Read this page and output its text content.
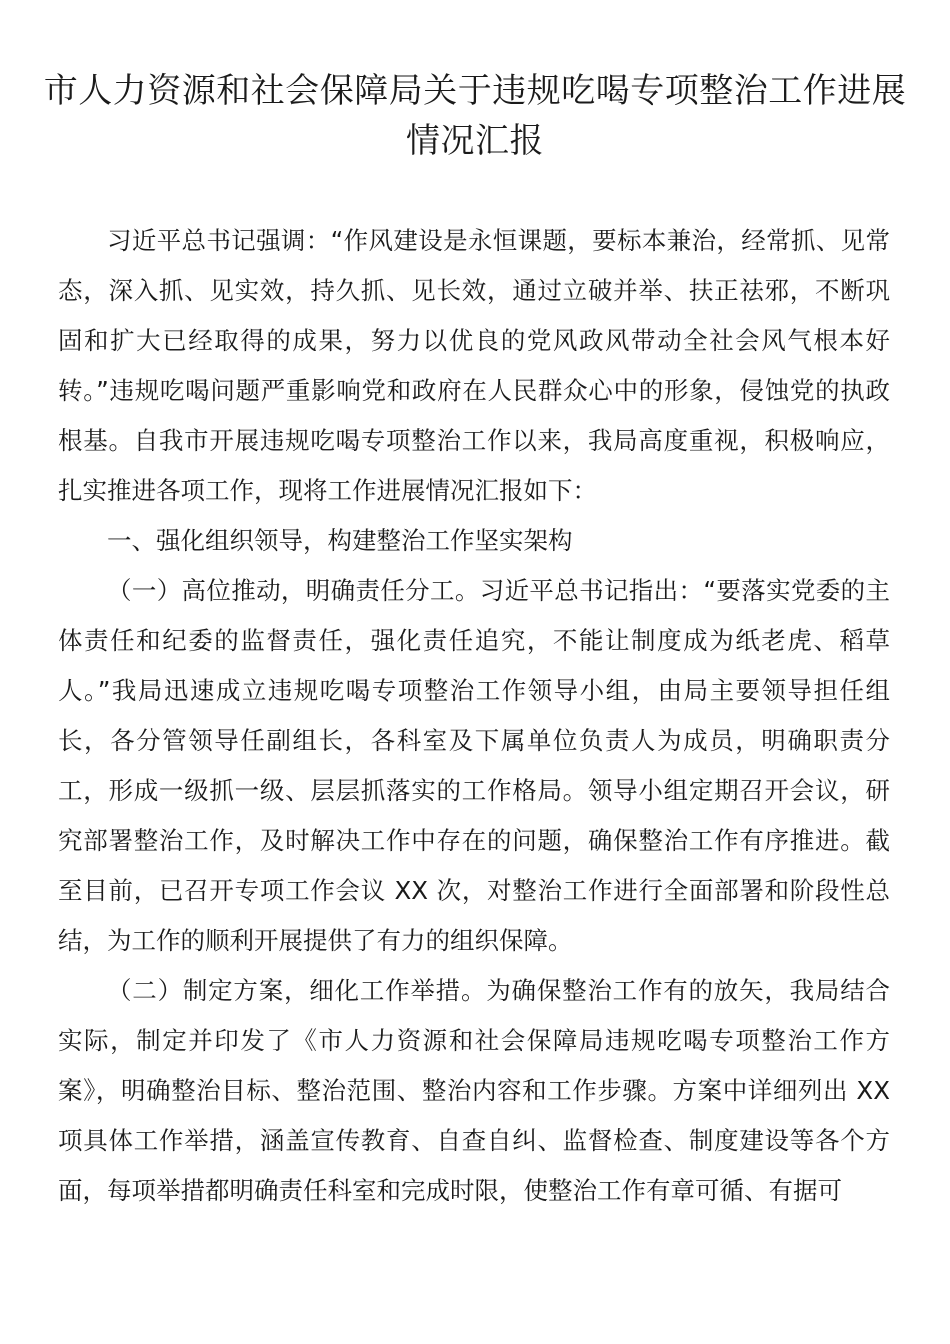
市人力资源和社会保障局关于违规吃喝专项整治工作进展情况汇报

习近平总书记强调：“作风建设是永恒课题，要标本兼治，经常抓、见常态，深入抓、见实效，持久抓、见长效，通过立破并举、扶正祛邪，不断巩固和扩大已经取得的成果，努力以优良的党风政风带动全社会风气根本好转。”违规吃喝问题严重影响党和政府在人民群众心中的形象，侵蚀党的执政根基。自我市开展违规吃喝专项整治工作以来，我局高度重视，积极响应，扎实推进各项工作，现将工作进展情况汇报如下：

一、强化组织领导，构建整治工作坚实架构

（一）高位推动，明确责任分工。习近平总书记指出：“要落实党委的主体责任和纪委的监督责任，强化责任追究，不能让制度成为纸老虎、稻草人。”我局迅速成立违规吃喝专项整治工作领导小组，由局主要领导担任组长，各分管领导任副组长，各科室及下属单位负责人为成员，明确职责分工，形成一级抓一级、层层抓落实的工作格局。领导小组定期召开会议，研究部署整治工作，及时解决工作中存在的问题，确保整治工作有序推进。截至目前，已召开专项工作会议 XX 次，对整治工作进行全面部署和阶段性总结，为工作的顺利开展提供了有力的组织保障。

（二）制定方案，细化工作举措。为确保整治工作有的放矢，我局结合实际，制定并印发了《市人力资源和社会保障局违规吃喝专项整治工作方案》，明确整治目标、整治范围、整治内容和工作步骤。方案中详细列出 XX 项具体工作举措，涵盖宣传教育、自查自纠、监督检查、制度建设等各个方面，每项举措都明确责任科室和完成时限，使整治工作有章可循、有据可
